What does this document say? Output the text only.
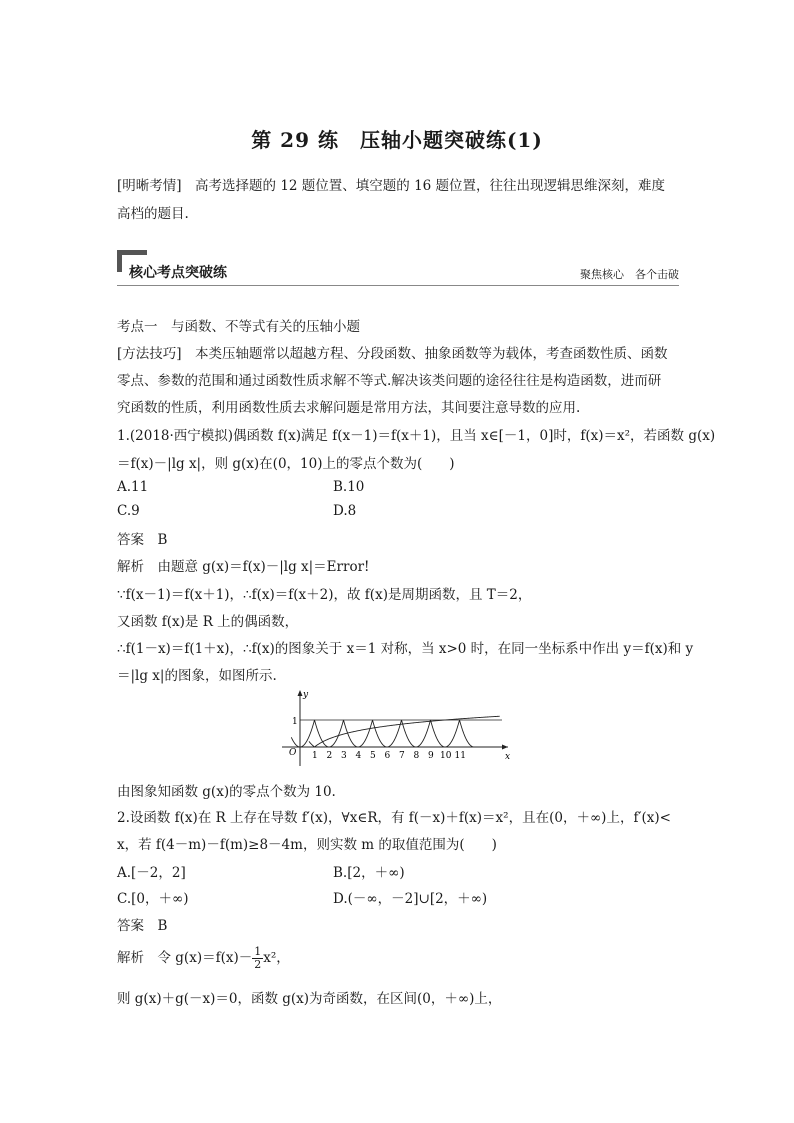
第 29 练　压轴小题突破练(1)
[明晰考情]　高考选择题的 12 题位置、填空题的 16 题位置，往往出现逻辑思维深刻，难度
高档的题目.
核心考点突破练	聚焦核心　各个击破
考点一　与函数、不等式有关的压轴小题
[方法技巧]　本类压轴题常以超越方程、分段函数、抽象函数等为载体，考查函数性质、函数
零点、参数的范围和通过函数性质求解不等式.解决该类问题的途径往往是构造函数，进而研
究函数的性质，利用函数性质去求解问题是常用方法，其间要注意导数的应用.
1.(2018·西宁模拟)偶函数 f(x)满足 f(x－1)＝f(x＋1)，且当 x∈[－1，0]时，f(x)＝x²，若函数 g(x)
＝f(x)－|lg x|，则 g(x)在(0，10)上的零点个数为(　　)
A.11	B.10
C.9	D.8
答案　B
解析　由题意 g(x)＝f(x)－|lg x|＝Error!
∵f(x－1)＝f(x＋1)，∴f(x)＝f(x＋2)，故 f(x)是周期函数，且 T＝2，
又函数 f(x)是 R 上的偶函数，
∴f(1－x)＝f(1＋x)，∴f(x)的图象关于 x＝1 对称，当 x>0 时，在同一坐标系中作出 y＝f(x)和 y
＝|lg x|的图象，如图所示.
1 2 3 4 5 6 7 8 9 10 11
y
x
O
1
由图象知函数 g(x)的零点个数为 10.
2.设函数 f(x)在 R 上存在导数 f′(x)，∀x∈R，有 f(－x)＋f(x)＝x²，且在(0，＋∞)上，f′(x)<
x，若 f(4－m)－f(m)≥8－4m，则实数 m 的取值范围为(　　)
A.[－2，2]	B.[2，＋∞)
C.[0，＋∞)	D.(－∞，－2]∪[2，＋∞)
答案　B
解析　令 $g(x)=f(x)- \frac{1}{2} x^2$，
则 g(x)＋g(－x)＝0，函数 g(x)为奇函数，在区间(0，＋∞)上，
